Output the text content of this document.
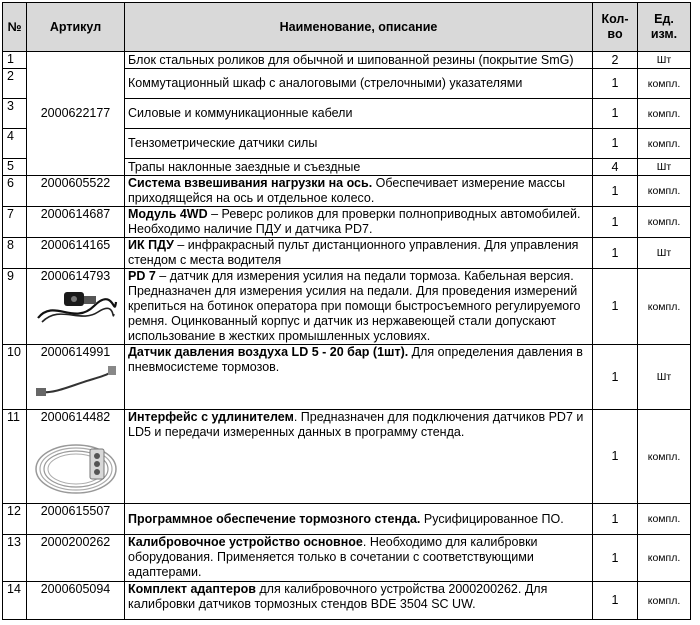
№	Артикул	Наименование, описание	Кол-во	Ед. изм.
1	2000622177	Блок стальных роликов для обычной и шипованной резины (покрытие SmG)	2	Шт
2		Коммутационный шкаф с аналоговыми (стрелочными) указателями	1	компл.
3		Силовые и коммуникационные кабели	1	компл.
4		Тензометрические датчики силы	1	компл.
5		Трапы наклонные заездные и съездные	4	Шт
6	2000605522	Система взвешивания нагрузки на ось. Обеспечивает измерение массы приходящейся на ось и отдельное колесо.	1	компл.
7	2000614687	Модуль 4WD – Реверс роликов для проверки полноприводных автомобилей. Необходимо наличие ПДУ и датчика PD7.	1	компл.
8	2000614165	ИК ПДУ – инфракрасный пульт дистанционного управления. Для управления стендом с места водителя	1	Шт
9	2000614793	PD 7 – датчик для измерения усилия на педали тормоза. Кабельная версия. Предназначен для измерения усилия на педали. Для проведения измерений крепиться на ботинок оператора при помощи быстросъемного регулируемого ремня. Оцинкованный корпус и датчик из нержавеющей стали допускают использование в жестких промышленных условиях.	1	компл.
10	2000614991	Датчик давления воздуха LD 5 - 20 бар (1шт). Для определения давления в пневмосистеме тормозов.	1	Шт
11	2000614482	Интерфейс с удлинителем. Предназначен для подключения датчиков PD7 и LD5 и передачи измеренных данных в программу стенда.	1	компл.
12	2000615507	Программное обеспечение тормозного стенда. Русифицированное ПО.	1	компл.
13	2000200262	Калибровочное устройство основное. Необходимо для калибровки оборудования. Применяется только в сочетании с соответствующими адаптерами.	1	компл.
14	2000605094	Комплект адаптеров для калибровочного устройства 2000200262. Для калибровки датчиков тормозных стендов BDE 3504 SC UW.	1	компл.
